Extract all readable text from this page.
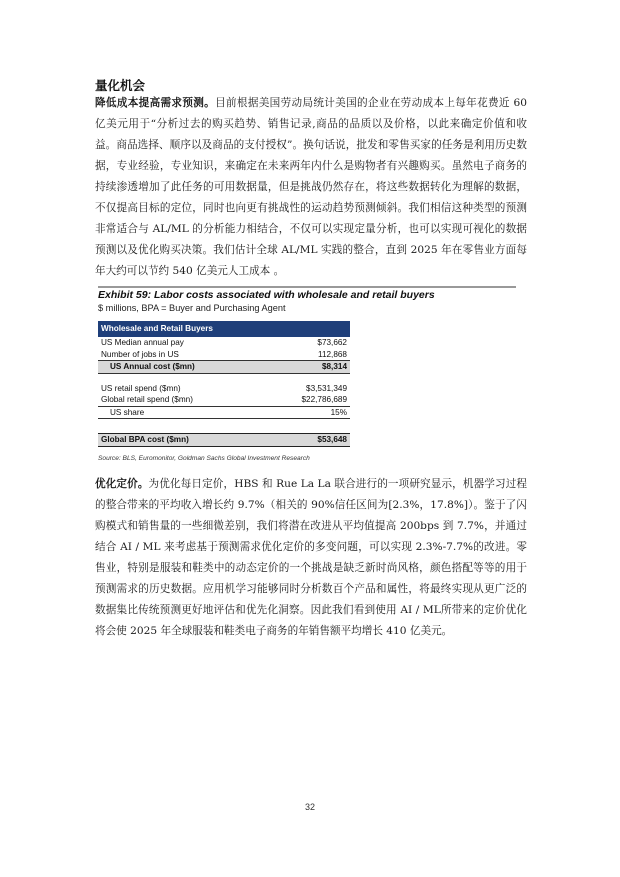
量化机会

降低成本提高需求预测。目前根据美国劳动局统计美国的企业在劳动成本上每年花费近 60 亿美元用于“分析过去的购买趋势、销售记录,商品的品质以及价格，以此来确定价值和收益。商品选择、顺序以及商品的支付授权”。换句话说，批发和零售买家的任务是利用历史数据，专业经验，专业知识，来确定在未来两年内什么是购物者有兴趣购买。虽然电子商务的持续渗透增加了此任务的可用数据量，但是挑战仍然存在，将这些数据转化为理解的数据，不仅提高目标的定位，同时也向更有挑战性的运动趋势预测倾斜。我们相信这种类型的预测非常适合与 AL/ML 的分析能力相结合，不仅可以实现定量分析，也可以实现可视化的数据预测以及优化购买决策。我们估计全球 AL/ML 实践的整合，直到 2025 年在零售业方面每年大约可以节约 540 亿美元人工成本 。

Exhibit 59: Labor costs associated with wholesale and retail buyers
$ millions, BPA = Buyer and Purchasing Agent
Wholesale and Retail Buyers
US Median annual pay	$73,662
Number of jobs in US	112,868
US Annual cost ($mn)	$8,314
US retail spend ($mn)	$3,531,349
Global retail spend ($mn)	$22,786,689
US share	15%
Global BPA cost ($mn)	$53,648
Source: BLS, Euromonitor, Goldman Sachs Global Investment Research

优化定价。为优化每日定价，HBS 和 Rue La La 联合进行的一项研究显示，机器学习过程的整合带来的平均收入增长约 9.7%（相关的 90%信任区间为[2.3%，17.8%]）。鉴于了闪购模式和销售量的一些细微差别，我们将潜在改进从平均值提高 200bps 到 7.7%，并通过结合 AI / ML 来考虑基于预测需求优化定价的多变问题，可以实现 2.3%-7.7%的改进。零售业，特别是服装和鞋类中的动态定价的一个挑战是缺乏新时尚风格，颜色搭配等等的用于预测需求的历史数据。应用机学习能够同时分析数百个产品和属性，将最终实现从更广泛的数据集比传统预测更好地评估和优先化洞察。因此我们看到使用 AI / ML所带来的定价优化将会使 2025 年全球服装和鞋类电子商务的年销售额平均增长 410 亿美元。

32
